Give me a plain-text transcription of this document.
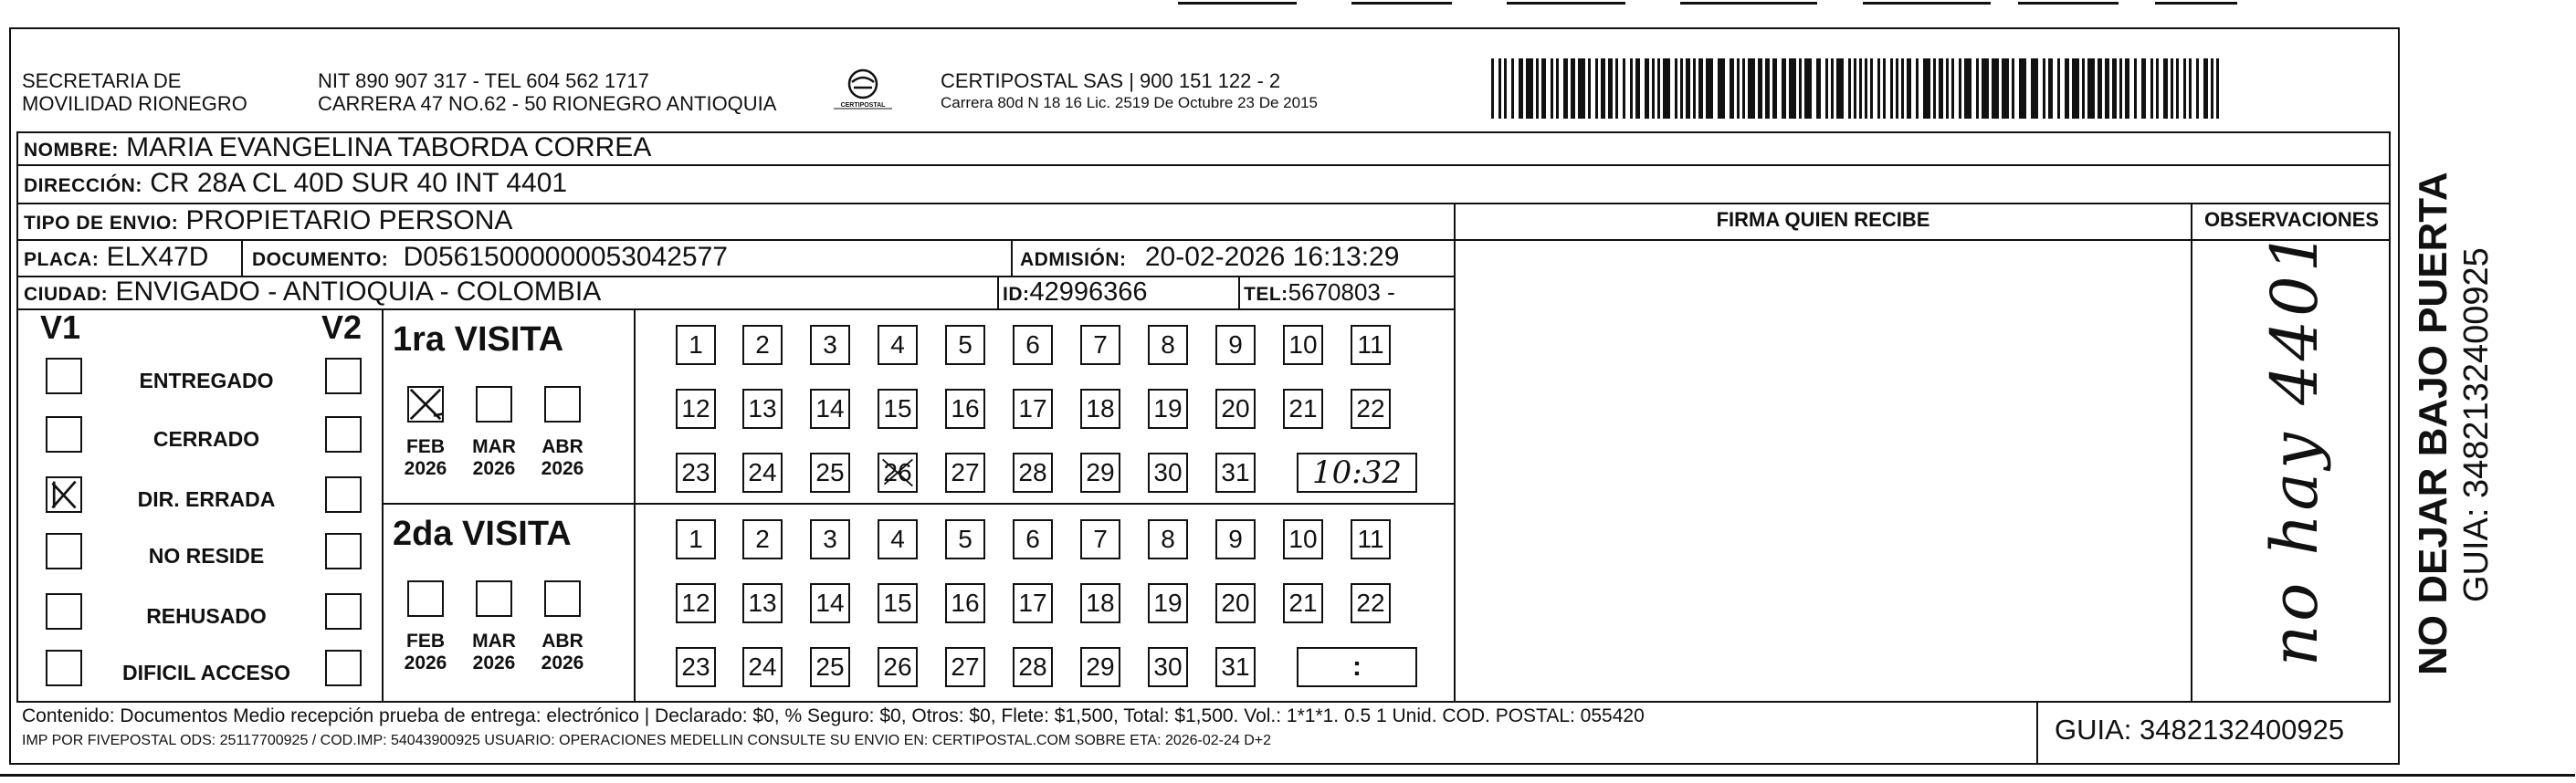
SECRETARIA DE
MOVILIDAD RIONEGRO
NIT 890 907 317 - TEL 604 562 1717
CARRERA 47 NO.62 - 50 RIONEGRO ANTIOQUIA	CERTIPOSTAL
CERTIPOSTAL SAS | 900 151 122 - 2
Carrera 80d N 18 16 Lic. 2519 De Octubre 23 De 2015
NOMBRE: MARIA EVANGELINA TABORDA CORREA
DIRECCIÓN: CR 28A CL 40D SUR 40 INT 4401
TIPO DE ENVIO: PROPIETARIO PERSONA	FIRMA QUIEN RECIBE	OBSERVACIONES
PLACA: ELX47D DOCUMENTO: D05615000000053042577	ADMISIÓN: 20-02-2026 16:13:29
CIUDAD: ENVIGADO - ANTIOQUIA - COLOMBIA	ID:42996366	TEL:5670803 -
V1	V2
ENTREGADO
CERRADO
DIR. ERRADA
NO RESIDE
REHUSADO
DIFICIL ACCESO
1ra VISITA
FEB
2026
MAR
2026
ABR
2026
1	2	3	4	5	6	7	8	9	10 11
12 13 14 15 16 17 18 19 20 21 22
23 24 25 26 27 28 29 30 31	10:32
2da VISITA
FEB
2026
MAR
2026
ABR
2026
1	2	3	4	5	6	7	8	9	10 11
12 13 14 15 16 17 18 19 20 21 22
23 24 25 26 27 28 29 30 31	:
no hay 4401 NO DEJAR BAJO PUERTA GUIA: 3482132400925
Contenido: Documentos Medio recepción prueba de entrega: electrónico | Declarado: $0, % Seguro: $0, Otros: $0, Flete: $1,500, Total: $1,500. Vol.: 1*1*1. 0.5 1 Unid. COD. POSTAL: 055420
IMP POR FIVEPOSTAL ODS: 25117700925 / COD.IMP: 54043900925 USUARIO: OPERACIONES MEDELLIN CONSULTE SU ENVIO EN: CERTIPOSTAL.COM SOBRE ETA: 2026-02-24 D+2	GUIA: 3482132400925
